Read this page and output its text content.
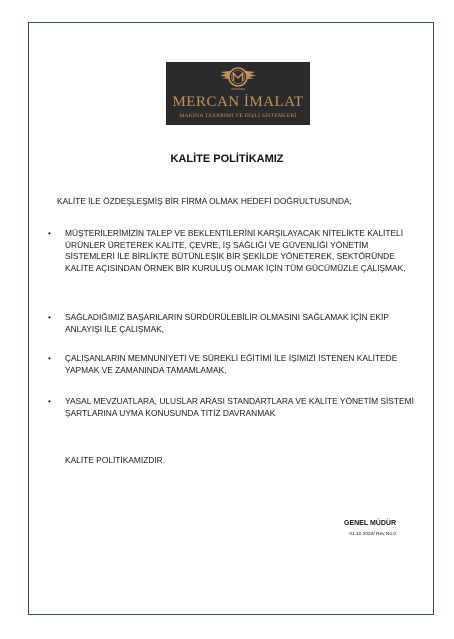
MERCAN İMALAT
MAKİNA TASARIMI VE DİŞLİ SİSTEMLERİ
KALİTE POLİTİKAMIZ
KALİTE İLE ÖZDEŞLEŞMİŞ BİR FİRMA OLMAK HEDEFİ DOĞRULTUSUNDA;
• MÜŞTERİLERİMİZİN TALEP VE BEKLENTİLERİNİ KARŞILAYACAK NİTELİKTE KALİTELİ ÜRÜNLER ÜRETEREK KALİTE, ÇEVRE, İŞ SAĞLIĞI VE GÜVENLİĞİ YÖNETİM SİSTEMLERİ İLE BİRLİKTE BÜTÜNLEŞİK BİR ŞEKİLDE YÖNETEREK, SEKTÖRÜNDE KALİTE AÇISINDAN ÖRNEK BİR KURULUŞ OLMAK İÇİN TÜM GÜCÜMÜZLE ÇALIŞMAK,
• SAĞLADIĞIMIZ BAŞARILARIN SÜRDÜRÜLEBİLİR OLMASINI SAĞLAMAK İÇİN EKİP ANLAYIŞI İLE ÇALIŞMAK,
• ÇALIŞANLARIN MEMNUNİYETİ VE SÜREKLİ EĞİTİMİ İLE İŞİMİZİ İSTENEN KALİTEDE YAPMAK VE ZAMANINDA TAMAMLAMAK,
• YASAL MEVZUATLARA, ULUSLAR ARASI STANDARTLARA VE KALİTE YÖNETİM SİSTEMİ ŞARTLARINA UYMA KONUSUNDA TİTİZ DAVRANMAK
KALİTE POLİTİKAMIZDIR.
GENEL MÜDÜR
01.10.2022/ Rev No.0
